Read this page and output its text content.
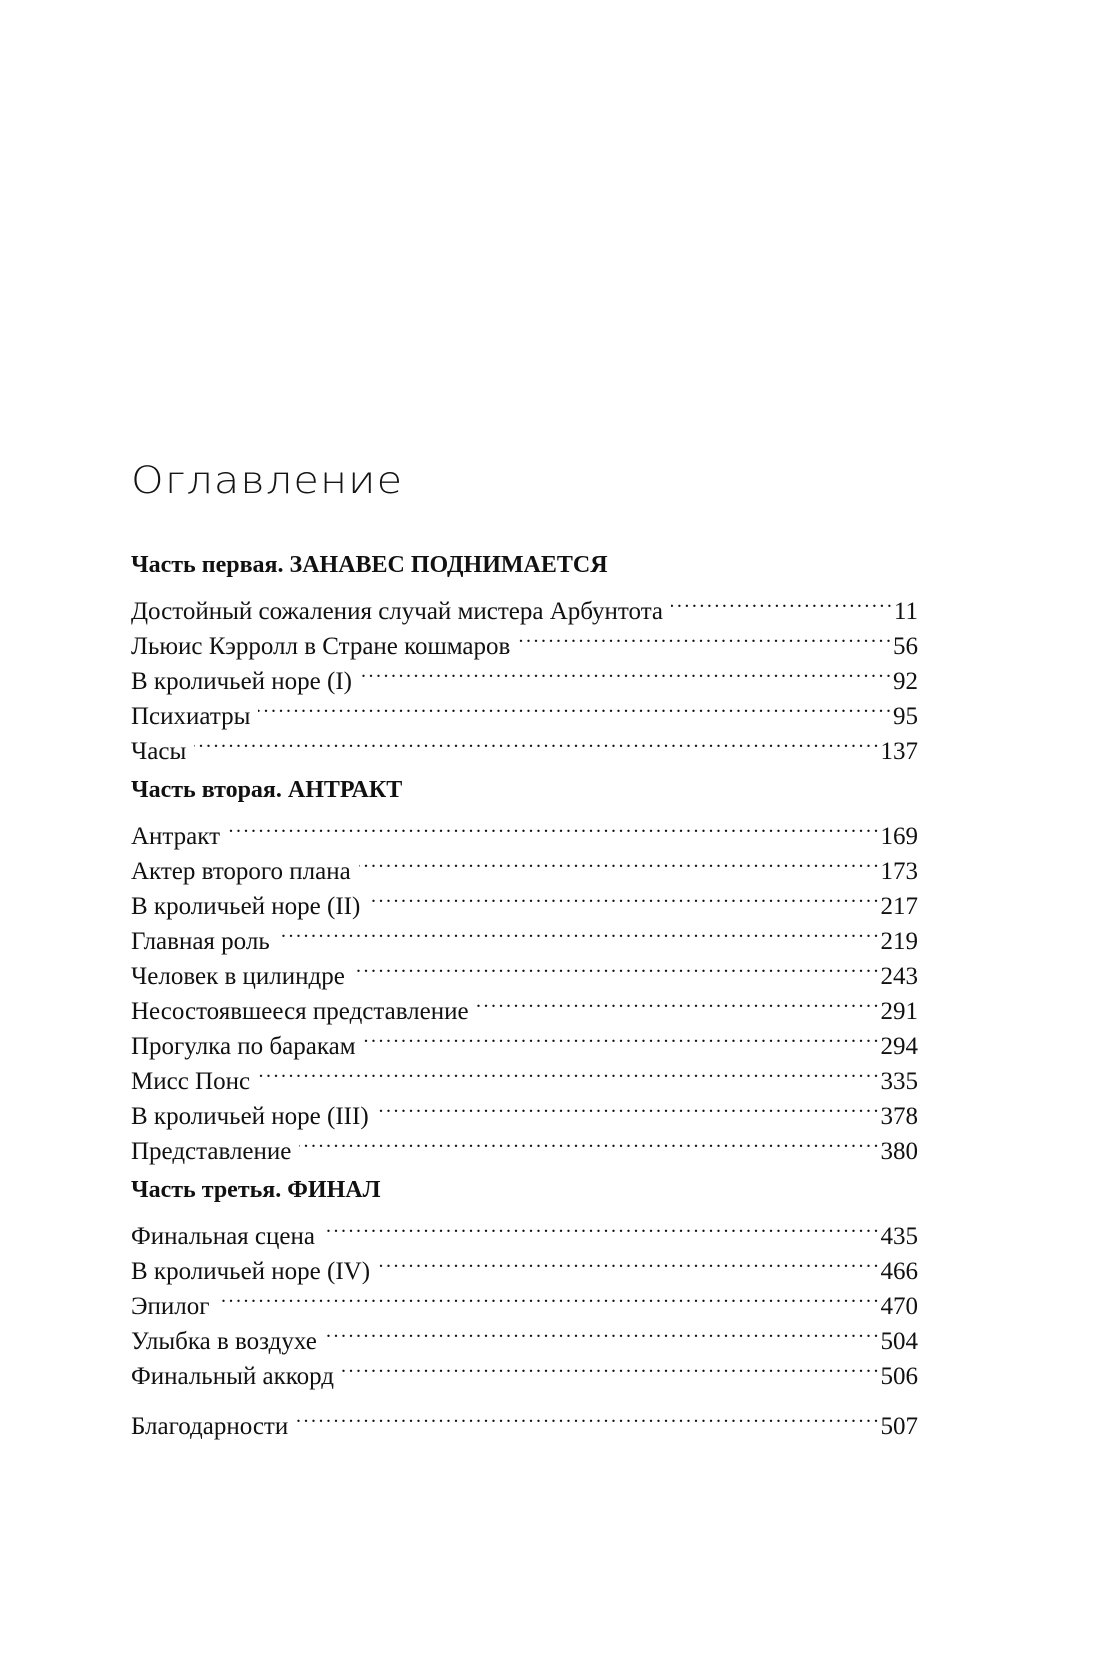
Оглавление
Часть первая. ЗАНАВЕС ПОДНИМАЕТСЯ
Достойный сожаления случай мистера Арбунтота . . .	11
Льюис Кэрролл в Стране кошмаров . . .	56
В кроличьей норе (I) . . .	92
Психиатры . . .	95
Часы . . .	137
Часть вторая. АНТРАКТ
Антракт . . .	169
Актер второго плана . . .	173
В кроличьей норе (II) . . .	217
Главная роль . . .	219
Человек в цилиндре . . .	243
Несостоявшееся представление . . .	291
Прогулка по баракам . . .	294
Мисс Понс . . .	335
В кроличьей норе (III) . . .	378
Представление . . .	380
Часть третья. ФИНАЛ
Финальная сцена . . .	435
В кроличьей норе (IV) . . .	466
Эпилог . . .	470
Улыбка в воздухе . . .	504
Финальный аккорд . . .	506
Благодарности . . .	507
